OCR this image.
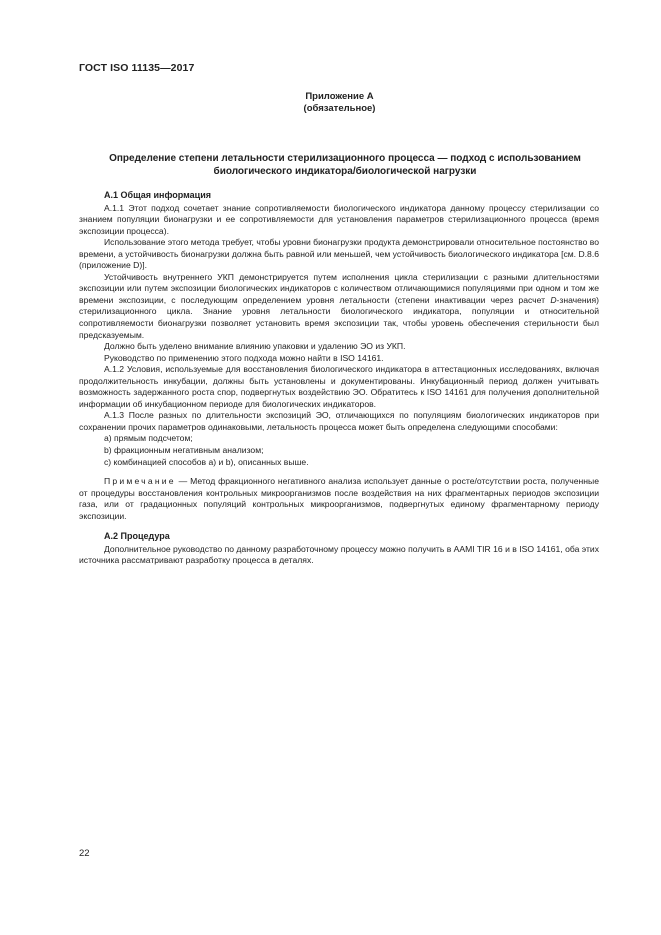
ГОСТ ISO 11135—2017
Приложение А
(обязательное)
Определение степени летальности стерилизационного процесса — подход с использованием
биологического индикатора/биологической нагрузки

А.1 Общая информация

А.1.1 Этот подход сочетает знание сопротивляемости биологического индикатора данному процессу стерилизации со знанием популяции бионагрузки и ее сопротивляемости для установления параметров стерилизационного процесса (время экспозиции процесса).

Использование этого метода требует, чтобы уровни бионагрузки продукта демонстрировали относительное постоянство во времени, а устойчивость бионагрузки должна быть равной или меньшей, чем устойчивость биологического индикатора [см. D.8.6 (приложение D)].

Устойчивость внутреннего УКП демонстрируется путем исполнения цикла стерилизации с разными длительностями экспозиции или путем экспозиции биологических индикаторов с количеством отличающимися популяциями при одном и том же времени экспозиции, с последующим определением уровня летальности (степени инактивации через расчет D-значения) стерилизационного цикла. Знание уровня летальности биологического индикатора, популяции и относительной сопротивляемости бионагрузки позволяет установить время экспозиции так, чтобы уровень обеспечения стерильности был предсказуемым.

Должно быть уделено внимание влиянию упаковки и удалению ЭО из УКП.

Руководство по применению этого подхода можно найти в ISO 14161.

А.1.2 Условия, используемые для восстановления биологического индикатора в аттестационных исследованиях, включая продолжительность инкубации, должны быть установлены и документированы. Инкубационный период должен учитывать возможность задержанного роста спор, подвергнутых воздействию ЭО. Обратитесь к ISO 14161 для получения дополнительной информации об инкубационном периоде для биологических индикаторов.

А.1.3 После разных по длительности экспозиций ЭО, отличающихся по популяциям биологических индикаторов при сохранении прочих параметров одинаковыми, летальность процесса может быть определена следующими способами:

а) прямым подсчетом;

b) фракционным негативным анализом;

c) комбинацией способов а) и b), описанных выше.

Примечание — Метод фракционного негативного анализа использует данные о росте/отсутствии роста, полученные от процедуры восстановления контрольных микроорганизмов после воздействия на них фрагментарных периодов экспозиции газа, или от градационных популяций контрольных микроорганизмов, подвергнутых единому фрагментарному периоду экспозиции.

А.2 Процедура

Дополнительное руководство по данному разработочному процессу можно получить в AAMI TIR 16 и в ISO 14161, оба этих источника рассматривают разработку процесса в деталях.

22
